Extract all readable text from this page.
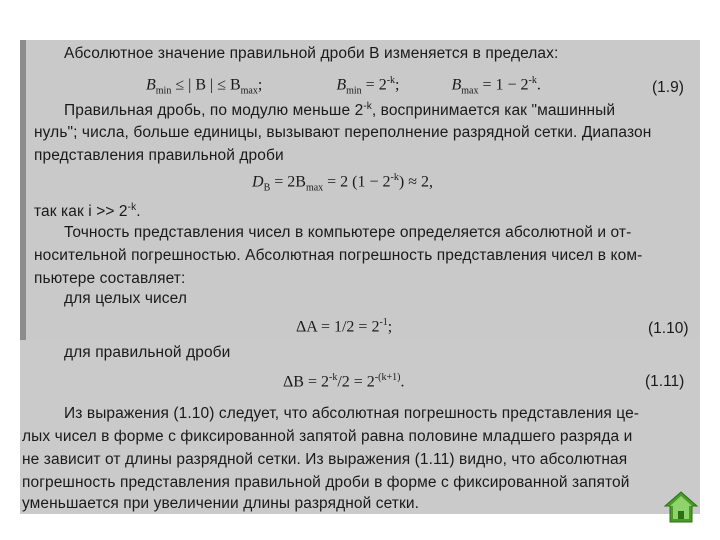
Абсолютное значение правильной дроби B изменяется в пределах:
$B_{min}$ ≤ | B | ≤ $B_{max}$;	$B_{min} = 2^{-k}$;	$B_{max} = 1 - 2^{-k}$.	(1.9)
Правильная дробь, по модулю меньше $2^{-k}$, воспринимается как "машинный
нуль"; числа, больше единицы, вызывают переполнение разрядной сетки. Диапазон
представления правильной дроби
$D_B = 2B_{max} = 2$ $(1 - 2^{-k}) \approx 2$,
так как $i >> 2^{-k}$.
Точность представления чисел в компьютере определяется абсолютной и от-
носительной погрешностью. Абсолютная погрешность представления чисел в ком-
пьютере составляет:
для целых чисел
$\Delta A = 1/2 = 2^{-1}$;	(1.10)
для правильной дроби
$\Delta B = 2^{-k}/2 = 2^{-(k+1)}$.	(1.11)
Из выражения (1.10) следует, что абсолютная погрешность представления це-
лых чисел в форме с фиксированной запятой равна половине младшего разряда и
не зависит от длины разрядной сетки. Из выражения (1.11) видно, что абсолютная
погрешность представления правильной дроби в форме с фиксированной запятой
уменьшается при увеличении длины разрядной сетки.
